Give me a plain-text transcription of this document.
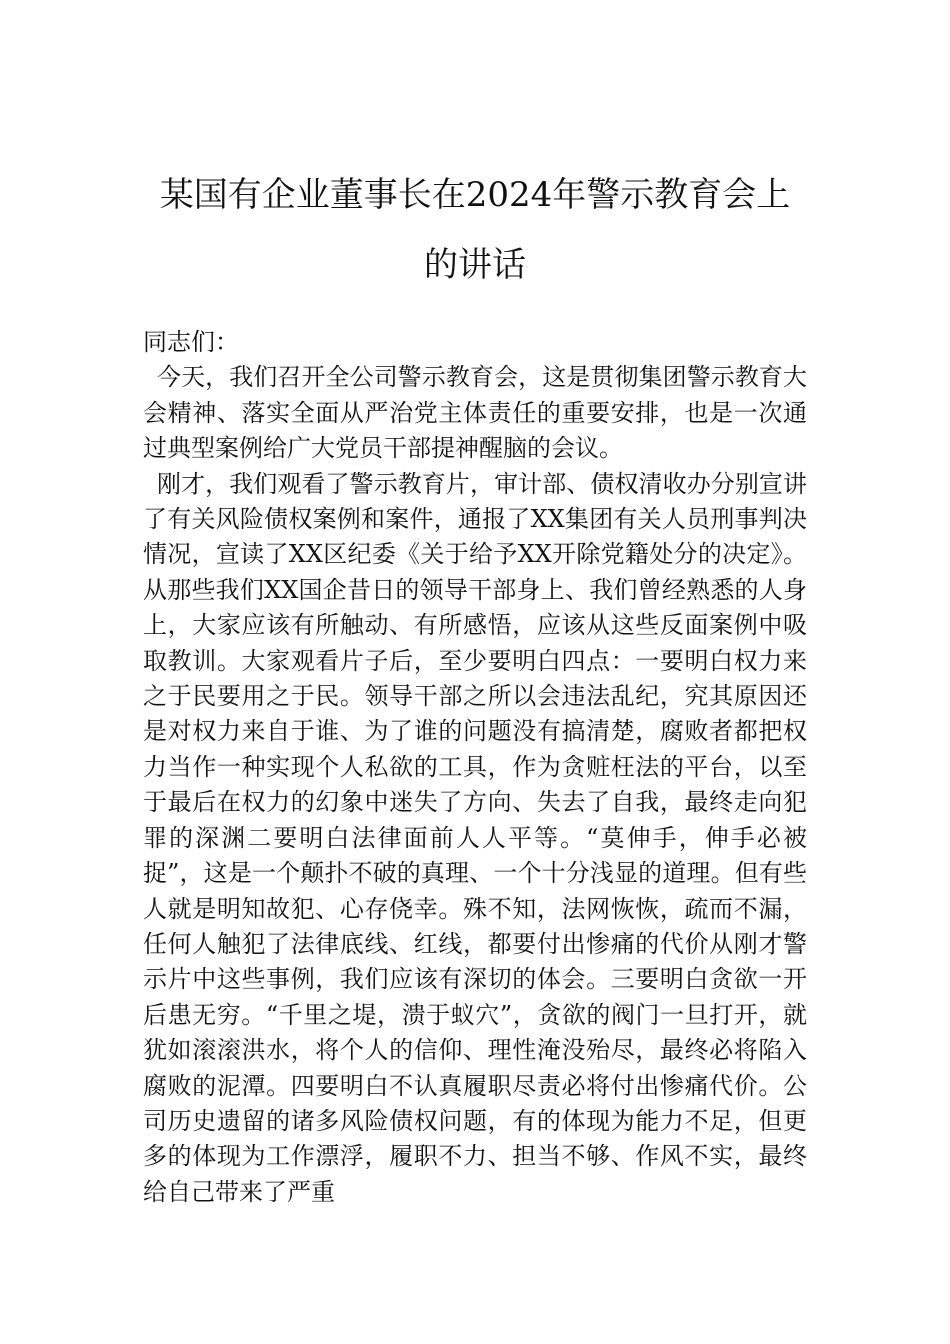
某国有企业董事长在2024年警示教育会上
的讲话

同志们：

今天，我们召开全公司警示教育会，这是贯彻集团警示教育大会精神、落实全面从严治党主体责任的重要安排，也是一次通过典型案例给广大党员干部提神醒脑的会议。

刚才，我们观看了警示教育片，审计部、债权清收办分别宣讲了有关风险债权案例和案件，通报了XX集团有关人员刑事判决情况，宣读了XX区纪委《关于给予XX开除党籍处分的决定》。从那些我们XX国企昔日的领导干部身上、我们曾经熟悉的人身上，大家应该有所触动、有所感悟，应该从这些反面案例中吸取教训。大家观看片子后，至少要明白四点：一要明白权力来之于民要用之于民。领导干部之所以会违法乱纪，究其原因还是对权力来自于谁、为了谁的问题没有搞清楚，腐败者都把权力当作一种实现个人私欲的工具，作为贪赃枉法的平台，以至于最后在权力的幻象中迷失了方向、失去了自我，最终走向犯罪的深渊二要明白法律面前人人平等。“莫伸手，伸手必被捉”，这是一个颠扑不破的真理、一个十分浅显的道理。但有些人就是明知故犯、心存侥幸。殊不知，法网恢恢，疏而不漏，任何人触犯了法律底线、红线，都要付出惨痛的代价从刚才警示片中这些事例，我们应该有深切的体会。三要明白贪欲一开后患无穷。“千里之堤，溃于蚁穴”，贪欲的阀门一旦打开，就犹如滚滚洪水，将个人的信仰、理性淹没殆尽，最终必将陷入腐败的泥潭。四要明白不认真履职尽责必将付出惨痛代价。公司历史遗留的诸多风险债权问题，有的体现为能力不足，但更多的体现为工作漂浮，履职不力、担当不够、作风不实，最终给自己带来了严重
